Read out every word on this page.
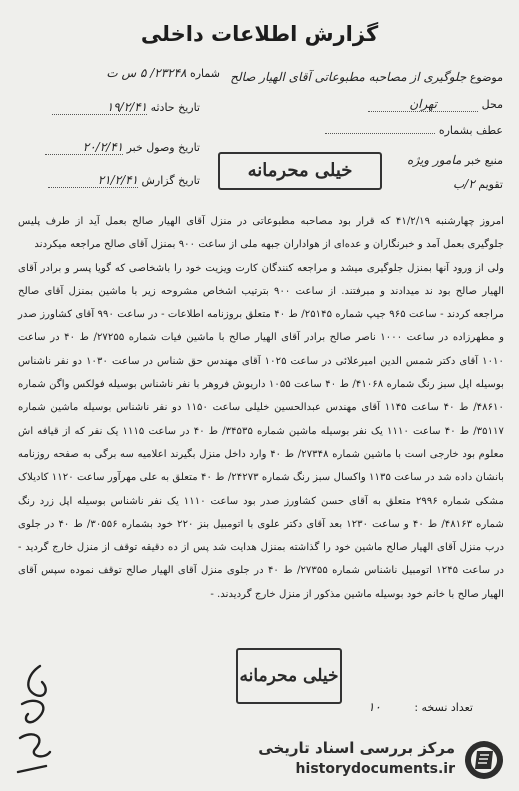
گزارش اطلاعات داخلی
شماره ۲۳۲۴۸/ ۵ س ت
تاریخ حادثه ۱۹/۲/۴۱
تاریخ وصول خبر ۲۰/۲/۴۱
تاریخ گزارش ۲۱/۲/۴۱
موضوع جلوگیری از مصاحبه مطبوعاتی آقای الهیار صالح
محل تهران
عطف بشماره
منبع خبر مامور ویژه
تقویم ۲/ب
خیلی محرمانه

امروز چهارشنبه ۴۱/۲/۱۹ که قرار بود مصاحبه مطبوعاتی در منزل آقای الهیار صالح بعمل آید از طرف پلیس جلوگیری بعمل آمد و خبرنگاران و عده‌ای از هواداران جبهه ملی از ساعت ۹۰۰ بمنزل آقای صالح مراجعه میکردند

ولی از ورود آنها بمنزل جلوگیری میشد و مراجعه کنندگان کارت ویزیت خود را باشخاصی که گویا پسر و برادر آقای الهیار صالح بود ند میدادند و مبرفتند. از ساعت ۹۰۰ بترتیب اشخاص مشروحه زیر با ماشین بمنزل آقای صالح مراجعه کردند - ساعت ۹۶۵ جیپ شماره ۲۵۱۴۵/ ط ۴۰ متعلق بروزنامه اطلاعات - در ساعت ۹۹۰ آقای کشاورز صدر و مطهرزاده در ساعت ۱۰۰۰ ناصر صالح برادر آقای الهیار صالح با ماشین فیات شماره ۲۷۲۵۵/ ط ۴۰ در ساعت ۱۰۱۰ آقای دکتر شمس الدین امیرعلائی در ساعت ۱۰۲۵ آقای مهندس حق شناس در ساعت ۱۰۳۰ دو نفر ناشناس بوسیله اپل سبز رنگ شماره ۴۱۰۶۸/ ط ۴۰ ساعت ۱۰۵۵ داریوش فروهر با نفر ناشناس بوسیله فولکس واگن شماره ۴۸۶۱۰/ ط ۴۰ ساعت ۱۱۴۵ آقای مهندس عبدالحسین خلیلی ساعت ۱۱۵۰ دو نفر ناشناس بوسیله ماشین شماره ۳۵۱۱۷/ ط ۴۰ ساعت ۱۱۱۰ یک نفر بوسیله ماشین شماره ۳۴۵۳۵/ ط ۴۰ در ساعت ۱۱۱۵ یک نفر که از قیافه اش معلوم بود خارجی است با ماشین شماره ۲۷۳۴۸/ ط ۴۰ وارد داخل منزل بگیرند اعلامیه سه برگی به صفحه روزنامه بانشان داده شد در ساعت ۱۱۳۵ واکسال سبز رنگ شماره ۲۴۲۷۳/ ط ۴۰ متعلق به علی مهرآور ساعت ۱۱۲۰ کادیلاک مشکی شماره ۲۹۹۶ متعلق به آقای حسن کشاورز صدر بود ساعت ۱۱۱۰ یک نفر ناشناس بوسیله اپل زرد رنگ شماره ۴۸۱۶۳/ ط ۴۰ و ساعت ۱۲۳۰ بعد آقای دکتر علوی با اتومبیل بنز ۲۲۰ خود بشماره ۳۰۵۵۶/ ط ۴۰ در جلوی درب منزل آقای الهیار صالح ماشین خود را گذاشته بمنزل هدایت شد پس از ده دقیقه توقف از منزل خارج گردید - در ساعت ۱۲۴۵ اتومبیل ناشناس شماره ۲۷۳۵۵/ ط ۴۰ در جلوی منزل آقای الهیار صالح توقف نموده سپس آقای الهیار صالح با خانم خود بوسیله ماشین مذکور از منزل خارج گردیدند. -

خیلی محرمانه
تعداد نسخه : ۱۰
مرکز بررسی اسناد تاریخی
historydocuments.ir
